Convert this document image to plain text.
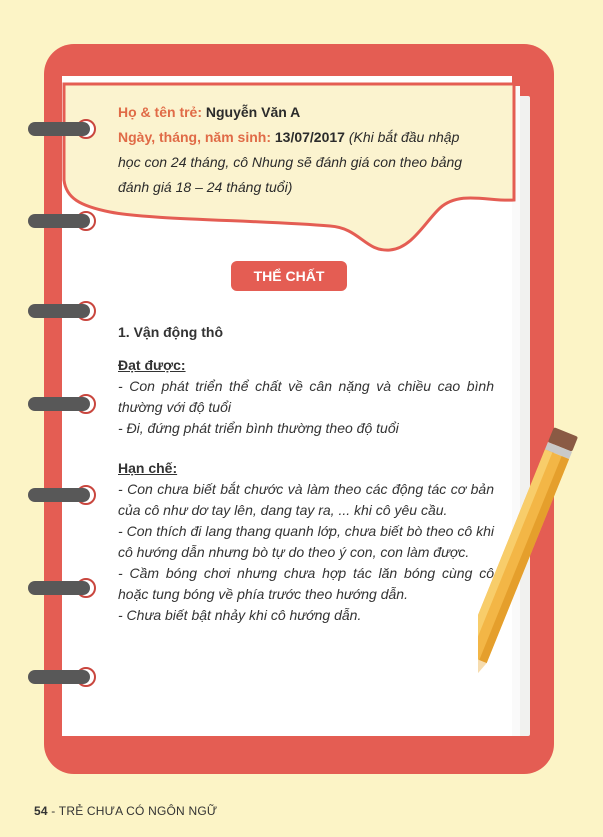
Họ & tên trẻ: Nguyễn Văn A
Ngày, tháng, năm sinh: 13/07/2017 (Khi bắt đầu nhập học con 24 tháng, cô Nhung sẽ đánh giá con theo bảng đánh giá 18 – 24 tháng tuổi)
THỂ CHẤT

1. Vận động thô

Đạt được:

- Con phát triển thể chất về cân nặng và chiều cao bình thường với độ tuổi

- Đi, đứng phát triển bình thường theo độ tuổi

Hạn chế:

- Con chưa biết bắt chước và làm theo các động tác cơ bản của cô như dơ tay lên, dang tay ra, ... khi cô yêu cầu.

- Con thích đi lang thang quanh lớp, chưa biết bò theo cô khi cô hướng dẫn nhưng bò tự do theo ý con, con làm được.

- Cầm bóng chơi nhưng chưa hợp tác lăn bóng cùng cô hoặc tung bóng về phía trước theo hướng dẫn.

- Chưa biết bật nhảy khi cô hướng dẫn.

54 - TRẺ CHƯA CÓ NGÔN NGỮ
